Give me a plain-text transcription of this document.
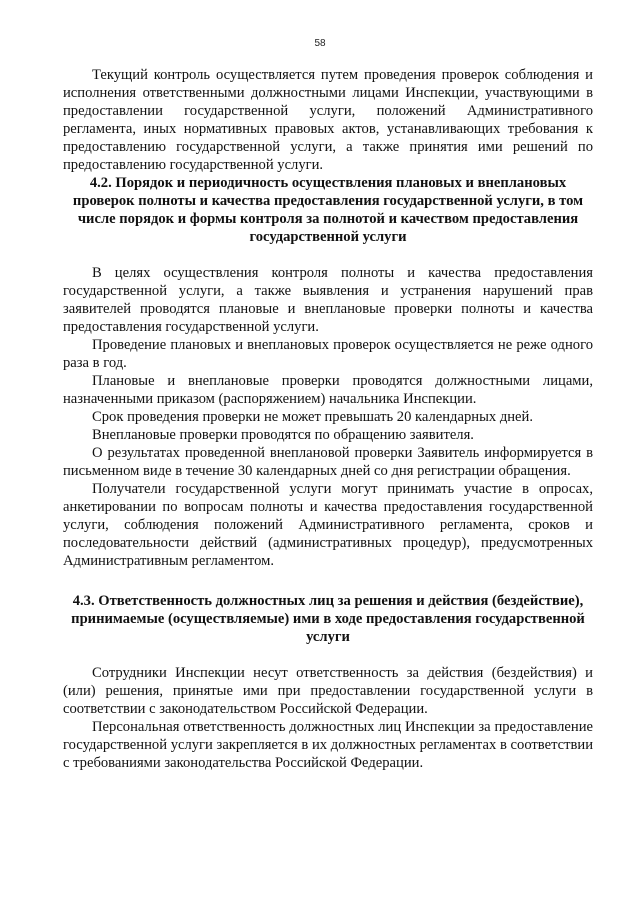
58

Текущий контроль осуществляется путем проведения проверок соблюдения и исполнения ответственными должностными лицами Инспекции, участвующими в предоставлении государственной услуги, положений Административного регламента, иных нормативных правовых актов, устанавливающих требования к предоставлению государственной услуги, а также принятия ими решений по предоставлению государственной услуги.

4.2. Порядок и периодичность осуществления плановых и внеплановых проверок полноты и качества предоставления государственной услуги, в том числе порядок и формы контроля за полнотой и качеством предоставления государственной услуги

В целях осуществления контроля полноты и качества предоставления государственной услуги, а также выявления и устранения нарушений прав заявителей проводятся плановые и внеплановые проверки полноты и качества предоставления государственной услуги.

Проведение плановых и внеплановых проверок осуществляется не реже одного раза в год.

Плановые и внеплановые проверки проводятся должностными лицами, назначенными приказом (распоряжением) начальника Инспекции.

Срок проведения проверки не может превышать 20 календарных дней.

Внеплановые проверки проводятся по обращению заявителя.

О результатах проведенной внеплановой проверки Заявитель информируется в письменном виде в течение 30 календарных дней со дня регистрации обращения.

Получатели государственной услуги могут принимать участие в опросах, анкетировании по вопросам полноты и качества предоставления государственной услуги, соблюдения положений Административного регламента, сроков и последовательности действий (административных процедур), предусмотренных Административным регламентом.

4.3. Ответственность должностных лиц за решения и действия (бездействие), принимаемые (осуществляемые) ими в ходе предоставления государственной услуги

Сотрудники Инспекции несут ответственность за действия (бездействия) и (или) решения, принятые ими при предоставлении государственной услуги в соответствии с законодательством Российской Федерации.

Персональная ответственность должностных лиц Инспекции за предоставление государственной услуги закрепляется в их должностных регламентах в соответствии с требованиями законодательства Российской Федерации.
